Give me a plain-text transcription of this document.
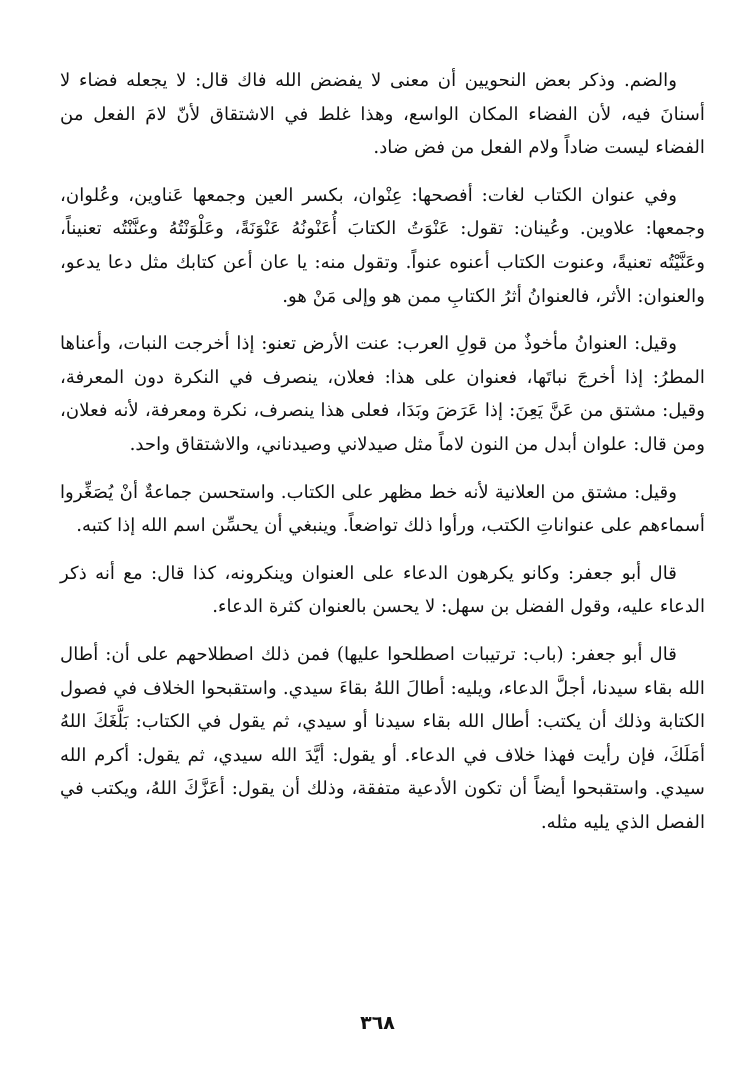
والضم. وذكر بعض النحويين أن معنى لا يفضض الله فاك قال: لا يجعله فضاء لا أسنانَ فيه، لأن الفضاء المكان الواسع، وهذا غلط في الاشتقاق لأنّ لامَ الفعل من الفضاء ليست ضاداً ولام الفعل من فض ضاد.

وفي عنوان الكتاب لغات: أفصحها: عِنْوان، بكسر العين وجمعها عَناوين، وعُلوان، وجمعها: علاوين. وعُينان: تقول: عَنْوَتُ الكتابَ أُعَنْونُهُ عَنْوَنَةً، وعَلْوَنْتُهُ وعنَّنْتُه تعنيناً، وعَنَّيْتُه تعنيةً، وعنوت الكتاب أعنوه عنواً. وتقول منه: يا عان أعن كتابك مثل دعا يدعو، والعنوان: الأثر، فالعنوانُ أثرُ الكتابِ ممن هو وإلى مَنْ هو.

وقيل: العنوانُ مأخوذٌ من قولِ العرب: عنت الأرض تعنو: إذا أخرجت النبات، وأعناها المطرُ: إذا أخرجَ نباتَها، فعنوان على هذا: فعلان، ينصرف في النكرة دون المعرفة، وقيل: مشتق من عَنَّ يَعِنَ: إذا عَرَضَ وبَدَا، فعلى هذا ينصرف، نكرة ومعرفة، لأنه فعلان، ومن قال: علوان أبدل من النون لاماً مثل صيدلاني وصيدناني، والاشتقاق واحد.

وقيل: مشتق من العلانية لأنه خط مظهر على الكتاب. واستحسن جماعةٌ أنْ يُصَغِّروا أسماءهم على عنواناتِ الكتب، ورأوا ذلك تواضعاً. وينبغي أن يحسِّن اسم الله إذا كتبه.

قال أبو جعفر: وكانو يكرهون الدعاء على العنوان وينكرونه، كذا قال: مع أنه ذكر الدعاء عليه، وقول الفضل بن سهل: لا يحسن بالعنوان كثرة الدعاء.

قال أبو جعفر: (باب: ترتيبات اصطلحوا عليها) فمن ذلك اصطلاحهم على أن: أطال الله بقاء سيدنا، أجلَّ الدعاء، ويليه: أطالَ اللهُ بقاءَ سيدي. واستقبحوا الخلاف في فصول الكتابة وذلك أن يكتب: أطال الله بقاء سيدنا أو سيدي، ثم يقول في الكتاب: بَلَّغَكَ اللهُ أمَلَكَ، فإن رأيت فهذا خلاف في الدعاء. أو يقول: أيَّدَ الله سيدي، ثم يقول: أكرم الله سيدي. واستقبحوا أيضاً أن تكون الأدعية متفقة، وذلك أن يقول: أعَزَّكَ اللهُ، ويكتب في الفصل الذي يليه مثله.

٣٦٨
